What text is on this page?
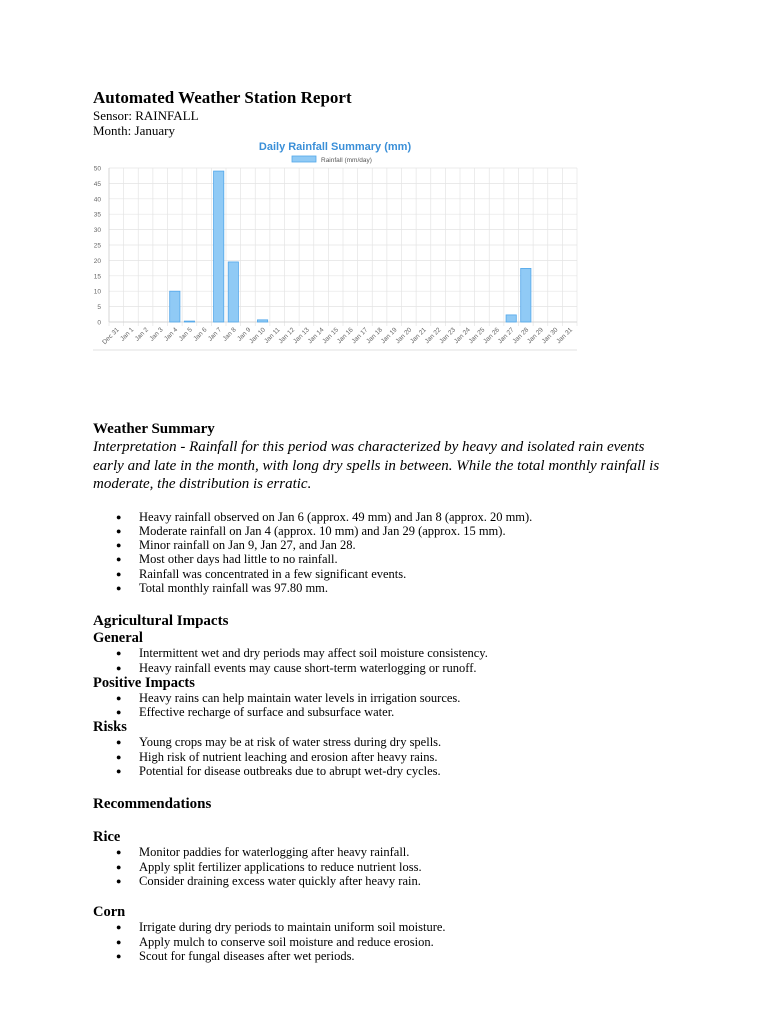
Automated Weather Station Report
Sensor: RAINFALL
Month: January
Daily Rainfall Summary (mm)
Rainfall (mm/day)
0
5
10
15
20
25
30
35
40
45
50
Dec 31
Jan 1
Jan 2
Jan 3
Jan 4
Jan 5
Jan 6
Jan 7
Jan 8
Jan 9
Jan 10
Jan 11
Jan 12
Jan 13
Jan 14
Jan 15
Jan 16
Jan 17
Jan 18
Jan 19
Jan 20
Jan 21
Jan 22
Jan 23
Jan 24
Jan 25
Jan 26
Jan 27
Jan 28
Jan 29
Jan 30
Jan 31
Weather Summary
Interpretation - Rainfall for this period was characterized by heavy and isolated rain events early and late in the month, with long dry spells in between. While the total monthly rainfall is moderate, the distribution is erratic.
● Heavy rainfall observed on Jan 6 (approx. 49 mm) and Jan 8 (approx. 20 mm).
● Moderate rainfall on Jan 4 (approx. 10 mm) and Jan 29 (approx. 15 mm).
● Minor rainfall on Jan 9, Jan 27, and Jan 28.
● Most other days had little to no rainfall.
● Rainfall was concentrated in a few significant events.
● Total monthly rainfall was 97.80 mm.
Agricultural Impacts
General
● Intermittent wet and dry periods may affect soil moisture consistency.
● Heavy rainfall events may cause short-term waterlogging or runoff.
Positive Impacts
● Heavy rains can help maintain water levels in irrigation sources.
● Effective recharge of surface and subsurface water.
Risks
● Young crops may be at risk of water stress during dry spells.
● High risk of nutrient leaching and erosion after heavy rains.
● Potential for disease outbreaks due to abrupt wet-dry cycles.
Recommendations
Rice
● Monitor paddies for waterlogging after heavy rainfall.
● Apply split fertilizer applications to reduce nutrient loss.
● Consider draining excess water quickly after heavy rain.
Corn
● Irrigate during dry periods to maintain uniform soil moisture.
● Apply mulch to conserve soil moisture and reduce erosion.
● Scout for fungal diseases after wet periods.
